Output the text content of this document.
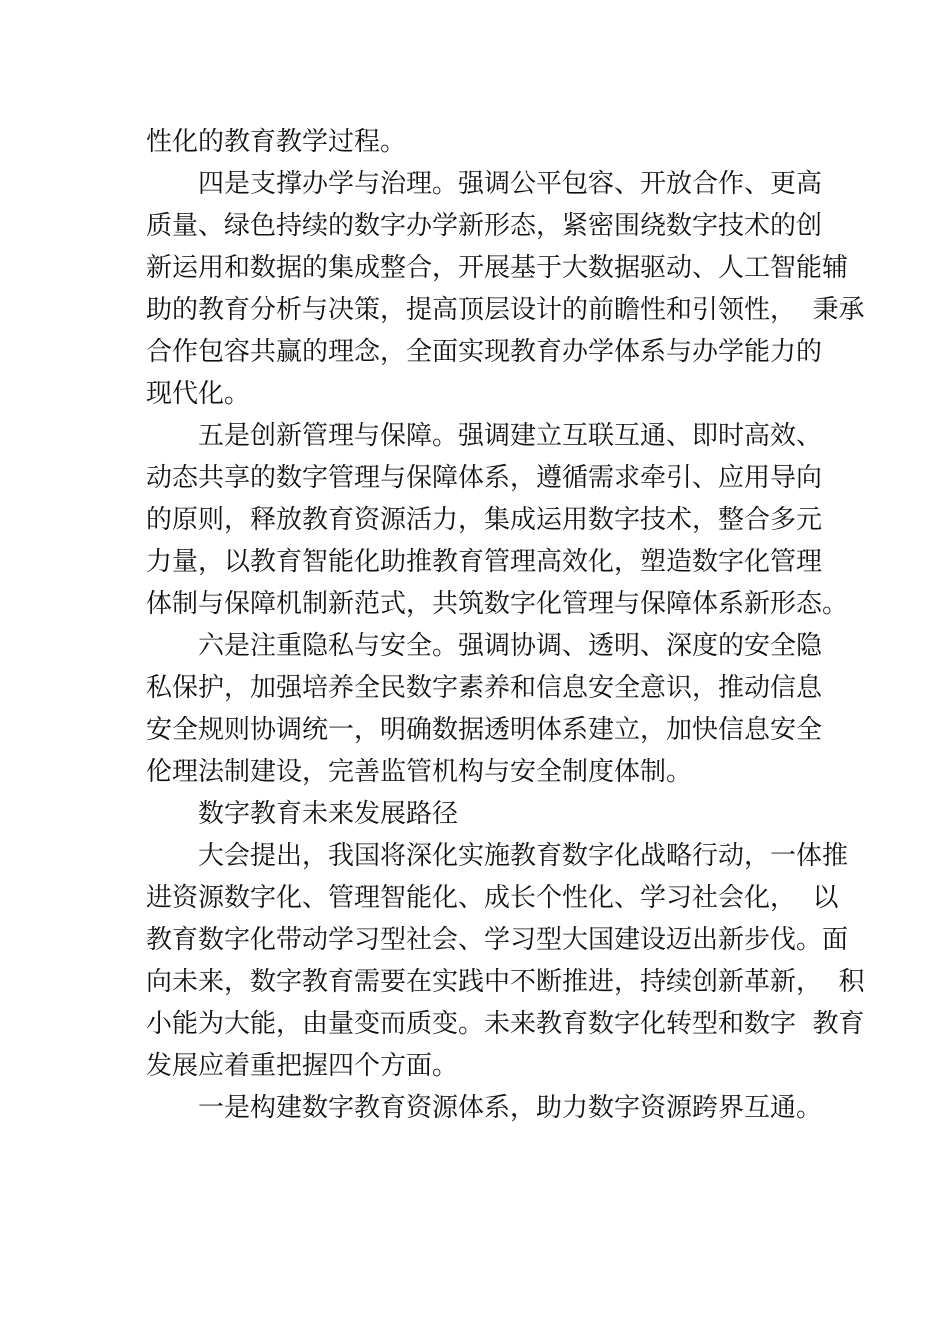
性化的教育教学过程。
四是支撑办学与治理。强调公平包容、开放合作、更高
质量、绿色持续的数字办学新形态，紧密围绕数字技术的创
新运用和数据的集成整合，开展基于大数据驱动、人工智能辅
助的教育分析与决策，提高顶层设计的前瞻性和引领性，  秉承
合作包容共赢的理念，全面实现教育办学体系与办学能力的
现代化。
五是创新管理与保障。强调建立互联互通、即时高效、
动态共享的数字管理与保障体系，遵循需求牵引、应用导向
的原则，释放教育资源活力，集成运用数字技术，整合多元
力量，以教育智能化助推教育管理高效化，塑造数字化管理
体制与保障机制新范式，共筑数字化管理与保障体系新形态。
六是注重隐私与安全。强调协调、透明、深度的安全隐
私保护，加强培养全民数字素养和信息安全意识，推动信息
安全规则协调统一，明确数据透明体系建立，加快信息安全
伦理法制建设，完善监管机构与安全制度体制。
数字教育未来发展路径
大会提出，我国将深化实施教育数字化战略行动，一体推
进资源数字化、管理智能化、成长个性化、学习社会化，  以
教育数字化带动学习型社会、学习型大国建设迈出新步伐。面
向未来，数字教育需要在实践中不断推进，持续创新革新，  积
小能为大能，由量变而质变。未来教育数字化转型和数字  教育
发展应着重把握四个方面。
一是构建数字教育资源体系，助力数字资源跨界互通。
